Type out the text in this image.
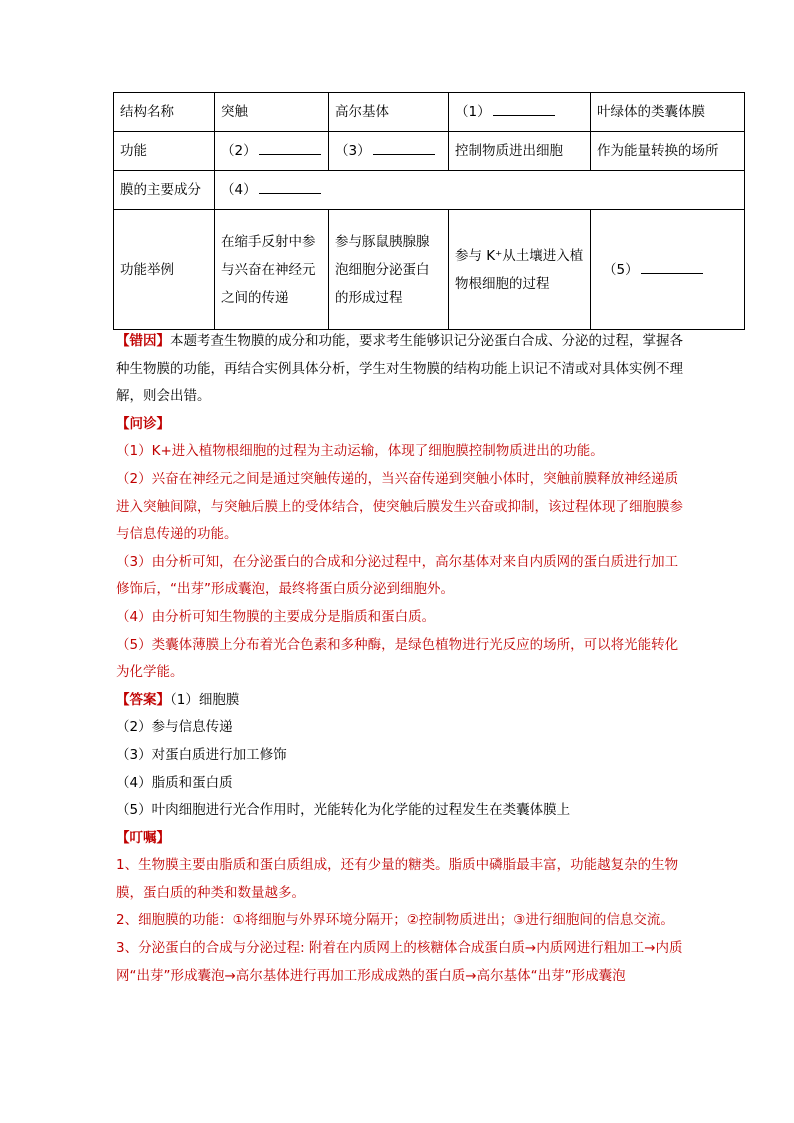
结构名称	突触	高尔基体	（1）	叶绿体的类囊体膜
功能	（2）	（3）	控制物质进出细胞	作为能量转换的场所
膜的主要成分	（4）			
功能举例	在缩手反射中参与兴奋在神经元之间的传递	参与豚鼠胰腺腺泡细胞分泌蛋白的形成过程	参与 K⁺从土壤进入植物根细胞的过程	（5）

【错因】本题考查生物膜的成分和功能，要求考生能够识记分泌蛋白合成、分泌的过程，掌握各种生物膜的功能，再结合实例具体分析，学生对生物膜的结构功能上识记不清或对具体实例不理解，则会出错。

【问诊】

（1）K+进入植物根细胞的过程为主动运输，体现了细胞膜控制物质进出的功能。

（2）兴奋在神经元之间是通过突触传递的，当兴奋传递到突触小体时，突触前膜释放神经递质进入突触间隙，与突触后膜上的受体结合，使突触后膜发生兴奋或抑制，该过程体现了细胞膜参与信息传递的功能。

（3）由分析可知，在分泌蛋白的合成和分泌过程中，高尔基体对来自内质网的蛋白质进行加工修饰后，“出芽”形成囊泡，最终将蛋白质分泌到细胞外。

（4）由分析可知生物膜的主要成分是脂质和蛋白质。

（5）类囊体薄膜上分布着光合色素和多种酶，是绿色植物进行光反应的场所，可以将光能转化为化学能。

【答案】（1）细胞膜

（2）参与信息传递

（3）对蛋白质进行加工修饰

（4）脂质和蛋白质

（5）叶肉细胞进行光合作用时，光能转化为化学能的过程发生在类囊体膜上

【叮嘱】

1、生物膜主要由脂质和蛋白质组成，还有少量的糖类。脂质中磷脂最丰富，功能越复杂的生物膜，蛋白质的种类和数量越多。

2、细胞膜的功能：①将细胞与外界环境分隔开；②控制物质进出；③进行细胞间的信息交流。

3、分泌蛋白的合成与分泌过程: 附着在内质网上的核糖体合成蛋白质→内质网进行粗加工→内质网“出芽”形成囊泡→高尔基体进行再加工形成成熟的蛋白质→高尔基体“出芽”形成囊泡
